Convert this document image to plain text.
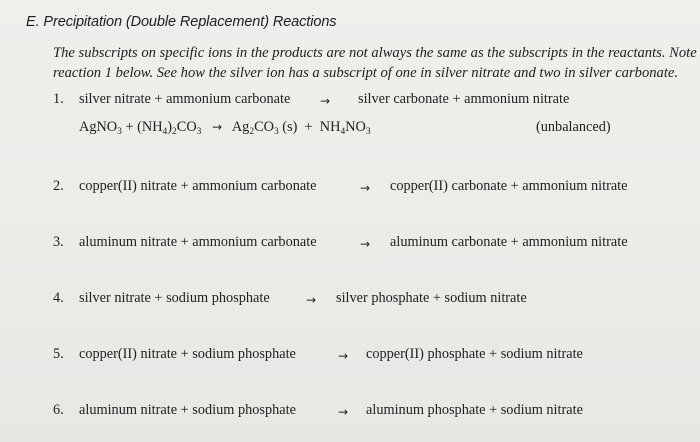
E. Precipitation (Double Replacement) Reactions
The subscripts on specific ions in the products are not always the same as the subscripts in the reactants. Note
reaction 1 below. See how the silver ion has a subscript of one in silver nitrate and two in silver carbonate.
1. silver nitrate + ammonium carbonate → silver carbonate + ammonium nitrate
AgNO$_3$ + $(NH_4)_2CO_3 \to Ag_2CO_3$ $(s) + NH_4NO_3$	(unbalanced)
2. copper(II) nitrate + ammonium carbonate	→ copper(II) carbonate + ammonium nitrate
3. aluminum nitrate + ammonium carbonate	→ aluminum carbonate + ammonium nitrate
4. silver nitrate + sodium phosphate	→ silver phosphate + sodium nitrate
5. copper(II) nitrate + sodium phosphate	→ copper(II) phosphate + sodium nitrate
6. aluminum nitrate + sodium phosphate	→ aluminum phosphate + sodium nitrate
